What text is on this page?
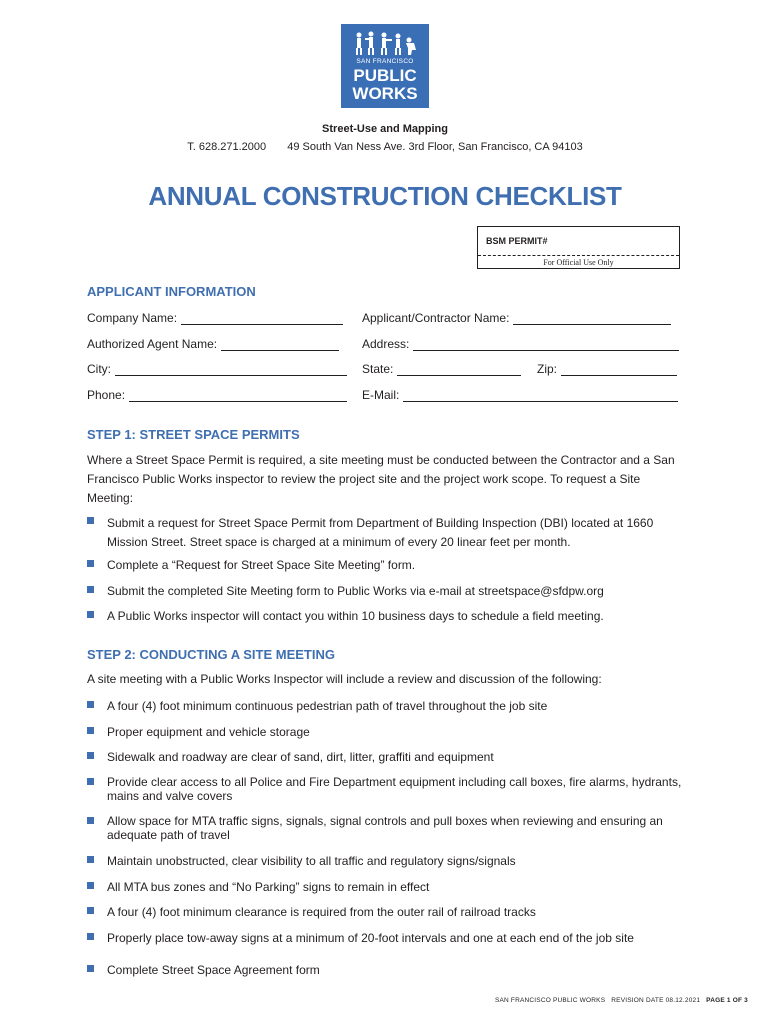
SAN FRANCISCO
PUBLIC
WORKS
Street-Use and Mapping
T. 628.271.2000 49 South Van Ness Ave. 3rd Floor, San Francisco, CA 94103
ANNUAL CONSTRUCTION CHECKLIST
BSM PERMIT#
For Official Use Only
APPLICANT INFORMATION
Company Name:	Applicant/Contractor Name:
Authorized Agent Name:	Address:
City:	State:	Zip:
Phone:	E-Mail:
STEP 1: STREET SPACE PERMITS
Where a Street Space Permit is required, a site meeting must be conducted between the Contractor and a San Francisco Public Works inspector to review the project site and the project work scope. To request a Site Meeting:
Submit a request for Street Space Permit from Department of Building Inspection (DBI) located at 1660 Mission Street. Street space is charged at a minimum of every 20 linear feet per month.
Complete a “Request for Street Space Site Meeting” form.
Submit the completed Site Meeting form to Public Works via e-mail at streetspace@sfdpw.org
A Public Works inspector will contact you within 10 business days to schedule a field meeting.
STEP 2: CONDUCTING A SITE MEETING
A site meeting with a Public Works Inspector will include a review and discussion of the following:
A four (4) foot minimum continuous pedestrian path of travel throughout the job site
Proper equipment and vehicle storage
Sidewalk and roadway are clear of sand, dirt, litter, graffiti and equipment
Provide clear access to all Police and Fire Department equipment including call boxes, fire alarms, hydrants, mains and valve covers
Allow space for MTA traffic signs, signals, signal controls and pull boxes when reviewing and ensuring an adequate path of travel
Maintain unobstructed, clear visibility to all traffic and regulatory signs/signals
All MTA bus zones and “No Parking” signs to remain in effect
A four (4) foot minimum clearance is required from the outer rail of railroad tracks
Properly place tow-away signs at a minimum of 20-foot intervals and one at each end of the job site
Complete Street Space Agreement form
SAN FRANCISCO PUBLIC WORKS REVISION DATE 08.12.2021 PAGE 1 OF 3
